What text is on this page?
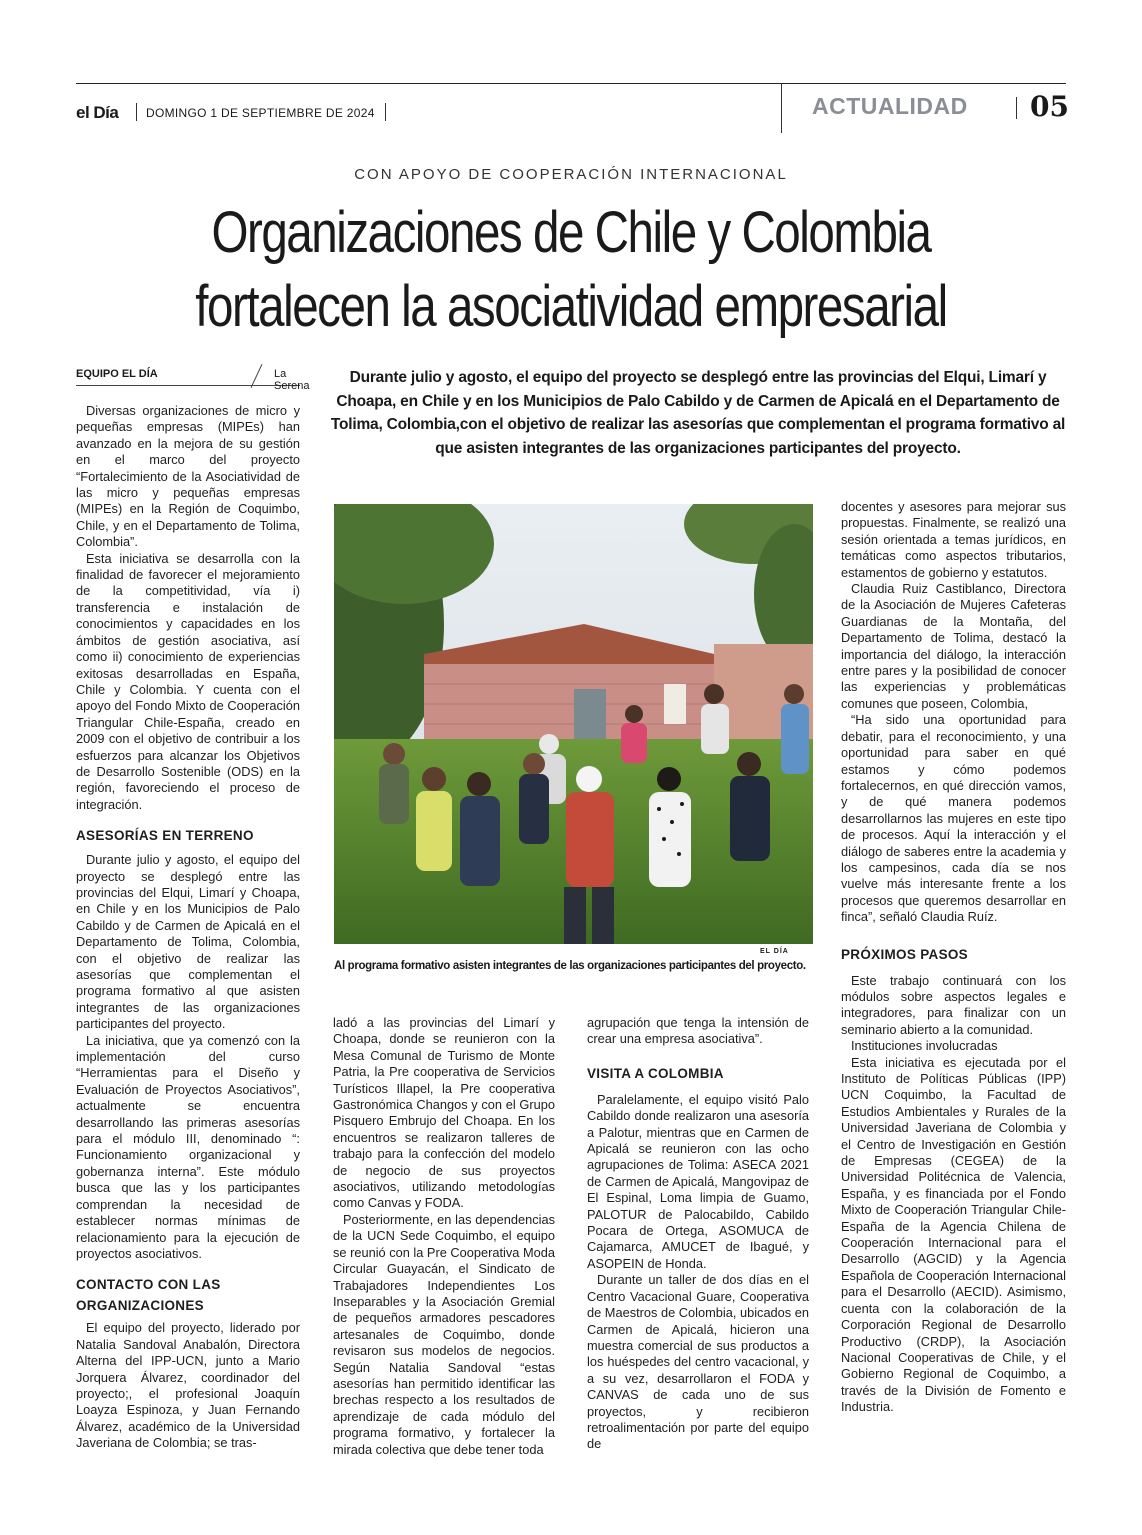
el Día DOMINGO 1 DE SEPTIEMBRE DE 2024	ACTUALIDAD 05
CON APOYO DE COOPERACIÓN INTERNACIONAL
Organizaciones de Chile y Colombia
fortalecen la asociatividad empresarial
EQUIPO EL DÍA	La Serena	Durante julio y agosto, el equipo del proyecto se desplegó entre las provincias del Elqui, Limarí y Choapa, en Chile y en los Municipios de Palo Cabildo y de Carmen de Apicalá en el Departamento de Tolima, Colombia,con el objetivo de realizar las asesorías que complementan el programa formativo al que asisten integrantes de las organizaciones participantes del proyecto.

Diversas organizaciones de micro y pequeñas empresas (MIPEs) han avanzado en la mejora de su gestión en el marco del proyecto “Fortalecimiento de la Asociatividad de las micro y pequeñas empresas (MIPEs) en la Región de Coquimbo, Chile, y en el Departamento de Tolima, Colombia”.

Esta iniciativa se desarrolla con la finalidad de favorecer el mejoramiento de la competitividad, vía i) transferencia e instalación de conocimientos y capacidades en los ámbitos de gestión asociativa, así como ii) conocimiento de experiencias exitosas desarrolladas en España, Chile y Colombia. Y cuenta con el apoyo del Fondo Mixto de Cooperación Triangular Chile-España, creado en 2009 con el objetivo de contribuir a los esfuerzos para alcanzar los Objetivos de Desarrollo Sostenible (ODS) en la región, favoreciendo el proceso de integración.

ASESORÍAS EN TERRENO

Durante julio y agosto, el equipo del proyecto se desplegó entre las provincias del Elqui, Limarí y Choapa, en Chile y en los Municipios de Palo Cabildo y de Carmen de Apicalá en el Departamento de Tolima, Colombia, con el objetivo de realizar las asesorías que complementan el programa formativo al que asisten integrantes de las organizaciones participantes del proyecto.

La iniciativa, que ya comenzó con la implementación del curso “Herramientas para el Diseño y Evaluación de Proyectos Asociativos”, actualmente se encuentra desarrollando las primeras asesorías para el módulo III, denominado “: Funcionamiento organizacional y gobernanza interna”. Este módulo busca que las y los participantes comprendan la necesidad de establecer normas mínimas de relacionamiento para la ejecución de proyectos asociativos.

CONTACTO CON LAS ORGANIZACIONES

El equipo del proyecto, liderado por Natalia Sandoval Anabalón, Directora Alterna del IPP-UCN, junto a Mario Jorquera Álvarez, coordinador del proyecto;, el profesional Joaquín Loayza Espinoza, y Juan Fernando Álvarez, académico de la Universidad Javeriana de Colombia; se tras-

EL DÍA
Al programa formativo asisten integrantes de las organizaciones participantes del proyecto.

ladó a las provincias del Limarí y Choapa, donde se reunieron con la Mesa Comunal de Turismo de Monte Patria, la Pre cooperativa de Servicios Turísticos Illapel, la Pre cooperativa Gastronómica Changos y con el Grupo Pisquero Embrujo del Choapa. En los encuentros se realizaron talleres de trabajo para la confección del modelo de negocio de sus proyectos asociativos, utilizando metodologías como Canvas y FODA.

Posteriormente, en las dependencias de la UCN Sede Coquimbo, el equipo se reunió con la Pre Cooperativa Moda Circular Guayacán, el Sindicato de Trabajadores Independientes Los Inseparables y la Asociación Gremial de pequeños armadores pescadores artesanales de Coquimbo, donde revisaron sus modelos de negocios. Según Natalia Sandoval “estas asesorías han permitido identificar las brechas respecto a los resultados de aprendizaje de cada módulo del programa formativo, y fortalecer la mirada colectiva que debe tener toda

agrupación que tenga la intensión de crear una empresa asociativa”.

VISITA A COLOMBIA

Paralelamente, el equipo visitó Palo Cabildo donde realizaron una asesoría a Palotur, mientras que en Carmen de Apicalá se reunieron con las ocho agrupaciones de Tolima: ASECA 2021 de Carmen de Apicalá, Mangovipaz de El Espinal, Loma limpia de Guamo, PALOTUR de Palocabildo, Cabildo Pocara de Ortega, ASOMUCA de Cajamarca, AMUCET de Ibagué, y ASOPEIN de Honda.

Durante un taller de dos días en el Centro Vacacional Guare, Cooperativa de Maestros de Colombia, ubicados en Carmen de Apicalá, hicieron una muestra comercial de sus productos a los huéspedes del centro vacacional, y a su vez, desarrollaron el FODA y CANVAS de cada uno de sus proyectos, y recibieron retroalimentación por parte del equipo de

docentes y asesores para mejorar sus propuestas. Finalmente, se realizó una sesión orientada a temas jurídicos, en temáticas como aspectos tributarios, estamentos de gobierno y estatutos.

Claudia Ruiz Castiblanco, Directora de la Asociación de Mujeres Cafeteras Guardianas de la Montaña, del Departamento de Tolima, destacó la importancia del diálogo, la interacción entre pares y la posibilidad de conocer las experiencias y problemáticas comunes que poseen, Colombia,

“Ha sido una oportunidad para debatir, para el reconocimiento, y una oportunidad para saber en qué estamos y cómo podemos fortalecernos, en qué dirección vamos, y de qué manera podemos desarrollarnos las mujeres en este tipo de procesos. Aquí la interacción y el diálogo de saberes entre la academia y los campesinos, cada día se nos vuelve más interesante frente a los procesos que queremos desarrollar en finca”, señaló Claudia Ruíz.

PRÓXIMOS PASOS

Este trabajo continuará con los módulos sobre aspectos legales e integradores, para finalizar con un seminario abierto a la comunidad.

Instituciones involucradas

Esta iniciativa es ejecutada por el Instituto de Políticas Públicas (IPP) UCN Coquimbo, la Facultad de Estudios Ambientales y Rurales de la Universidad Javeriana de Colombia y el Centro de Investigación en Gestión de Empresas (CEGEA) de la Universidad Politécnica de Valencia, España, y es financiada por el Fondo Mixto de Cooperación Triangular Chile-España de la Agencia Chilena de Cooperación Internacional para el Desarrollo (AGCID) y la Agencia Española de Cooperación Internacional para el Desarrollo (AECID). Asimismo, cuenta con la colaboración de la Corporación Regional de Desarrollo Productivo (CRDP), la Asociación Nacional Cooperativas de Chile, y el Gobierno Regional de Coquimbo, a través de la División de Fomento e Industria.
